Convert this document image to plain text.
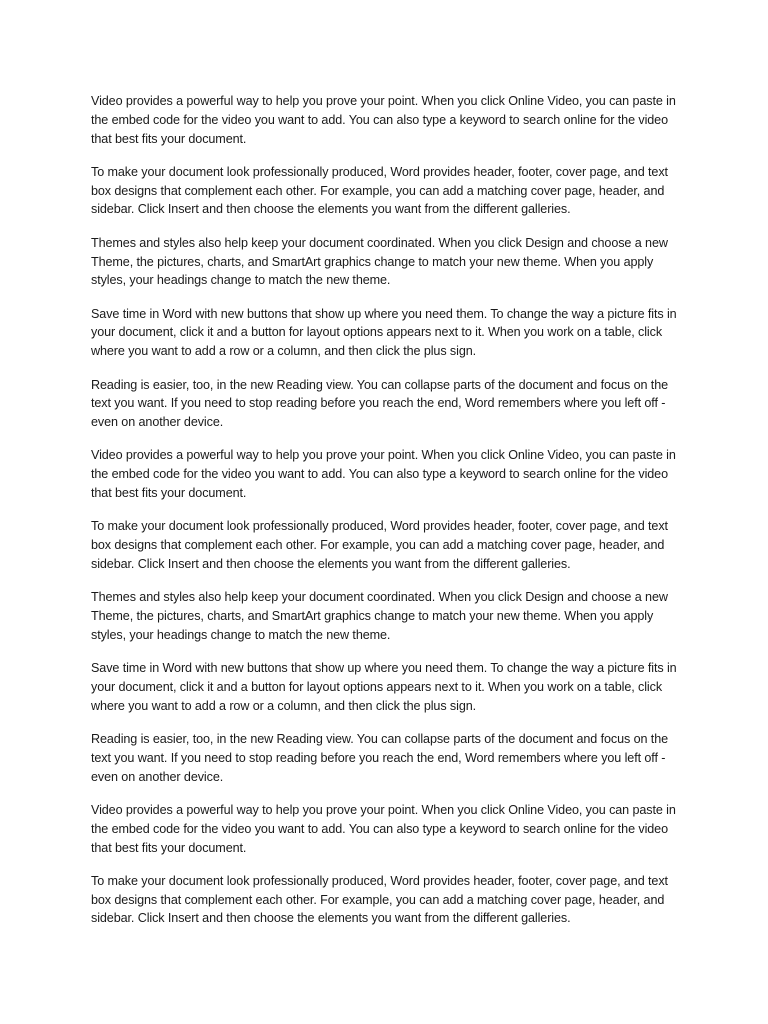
Video provides a powerful way to help you prove your point. When you click Online Video, you can paste in the embed code for the video you want to add. You can also type a keyword to search online for the video that best fits your document.

To make your document look professionally produced, Word provides header, footer, cover page, and text box designs that complement each other. For example, you can add a matching cover page, header, and sidebar. Click Insert and then choose the elements you want from the different galleries.

Themes and styles also help keep your document coordinated. When you click Design and choose a new Theme, the pictures, charts, and SmartArt graphics change to match your new theme. When you apply styles, your headings change to match the new theme.

Save time in Word with new buttons that show up where you need them. To change the way a picture fits in your document, click it and a button for layout options appears next to it. When you work on a table, click where you want to add a row or a column, and then click the plus sign.

Reading is easier, too, in the new Reading view. You can collapse parts of the document and focus on the text you want. If you need to stop reading before you reach the end, Word remembers where you left off - even on another device.

Video provides a powerful way to help you prove your point. When you click Online Video, you can paste in the embed code for the video you want to add. You can also type a keyword to search online for the video that best fits your document.

To make your document look professionally produced, Word provides header, footer, cover page, and text box designs that complement each other. For example, you can add a matching cover page, header, and sidebar. Click Insert and then choose the elements you want from the different galleries.

Themes and styles also help keep your document coordinated. When you click Design and choose a new Theme, the pictures, charts, and SmartArt graphics change to match your new theme. When you apply styles, your headings change to match the new theme.

Save time in Word with new buttons that show up where you need them. To change the way a picture fits in your document, click it and a button for layout options appears next to it. When you work on a table, click where you want to add a row or a column, and then click the plus sign.

Reading is easier, too, in the new Reading view. You can collapse parts of the document and focus on the text you want. If you need to stop reading before you reach the end, Word remembers where you left off - even on another device.

Video provides a powerful way to help you prove your point. When you click Online Video, you can paste in the embed code for the video you want to add. You can also type a keyword to search online for the video that best fits your document.

To make your document look professionally produced, Word provides header, footer, cover page, and text box designs that complement each other. For example, you can add a matching cover page, header, and sidebar. Click Insert and then choose the elements you want from the different galleries.
